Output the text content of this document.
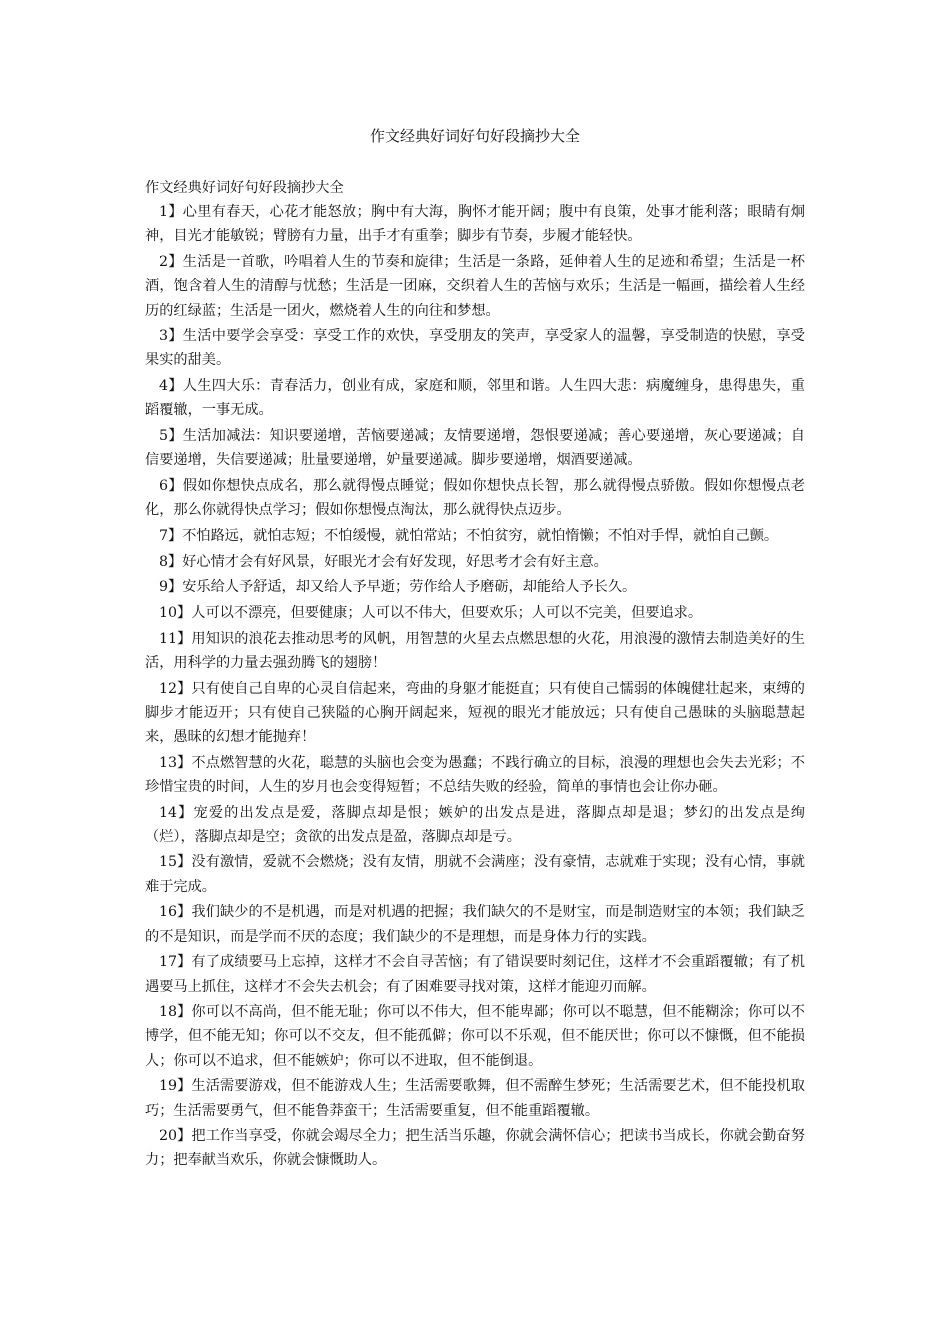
作文经典好词好句好段摘抄大全

作文经典好词好句好段摘抄大全

1】心里有春天，心花才能怒放；胸中有大海，胸怀才能开阔；腹中有良策，处事才能利落；眼睛有炯神，目光才能敏锐；臂膀有力量，出手才有重拳；脚步有节奏，步履才能轻快。

2】生活是一首歌，吟唱着人生的节奏和旋律；生活是一条路，延伸着人生的足迹和希望；生活是一杯酒，饱含着人生的清醇与忧愁；生活是一团麻，交织着人生的苦恼与欢乐；生活是一幅画，描绘着人生经历的红绿蓝；生活是一团火，燃烧着人生的向往和梦想。

3】生活中要学会享受：享受工作的欢快，享受朋友的笑声，享受家人的温馨，享受制造的快慰，享受果实的甜美。

4】人生四大乐：青春活力，创业有成，家庭和顺，邻里和谐。人生四大悲：病魔缠身，患得患失，重蹈覆辙，一事无成。

5】生活加减法：知识要递增，苦恼要递减；友情要递增，怨恨要递减；善心要递增，灰心要递减；自信要递增，失信要递减；肚量要递增，妒量要递减。脚步要递增，烟酒要递减。

6】假如你想快点成名，那么就得慢点睡觉；假如你想快点长智，那么就得慢点骄傲。假如你想慢点老化，那么你就得快点学习；假如你想慢点淘汰，那么就得快点迈步。

7】不怕路远，就怕志短；不怕缓慢，就怕常站；不怕贫穷，就怕惰懒；不怕对手悍，就怕自己颤。

8】好心情才会有好风景，好眼光才会有好发现，好思考才会有好主意。

9】安乐给人予舒适，却又给人予早逝；劳作给人予磨砺，却能给人予长久。

10】人可以不漂亮，但要健康；人可以不伟大，但要欢乐；人可以不完美，但要追求。

11】用知识的浪花去推动思考的风帆，用智慧的火星去点燃思想的火花，用浪漫的激情去制造美好的生活，用科学的力量去强劲腾飞的翅膀！

12】只有使自己自卑的心灵自信起来，弯曲的身躯才能挺直；只有使自己懦弱的体魄健壮起来，束缚的脚步才能迈开；只有使自己狭隘的心胸开阔起来，短视的眼光才能放远；只有使自己愚昧的头脑聪慧起来，愚昧的幻想才能抛弃！

13】不点燃智慧的火花，聪慧的头脑也会变为愚蠢；不践行确立的目标，浪漫的理想也会失去光彩；不珍惜宝贵的时间，人生的岁月也会变得短暂；不总结失败的经验，简单的事情也会让你办砸。

14】宠爱的出发点是爱，落脚点却是恨；嫉妒的出发点是进，落脚点却是退；梦幻的出发点是绚（烂），落脚点却是空；贪欲的出发点是盈，落脚点却是亏。

15】没有激情，爱就不会燃烧；没有友情，朋就不会满座；没有豪情，志就难于实现；没有心情，事就难于完成。

16】我们缺少的不是机遇，而是对机遇的把握；我们缺欠的不是财宝，而是制造财宝的本领；我们缺乏的不是知识，而是学而不厌的态度；我们缺少的不是理想，而是身体力行的实践。

17】有了成绩要马上忘掉，这样才不会自寻苦恼；有了错误要时刻记住，这样才不会重蹈覆辙；有了机遇要马上抓住，这样才不会失去机会；有了困难要寻找对策，这样才能迎刃而解。

18】你可以不高尚，但不能无耻；你可以不伟大，但不能卑鄙；你可以不聪慧，但不能糊涂；你可以不博学，但不能无知；你可以不交友，但不能孤僻；你可以不乐观，但不能厌世；你可以不慷慨，但不能损人；你可以不追求，但不能嫉妒；你可以不进取，但不能倒退。

19】生活需要游戏，但不能游戏人生；生活需要歌舞，但不需醉生梦死；生活需要艺术，但不能投机取巧；生活需要勇气，但不能鲁莽蛮干；生活需要重复，但不能重蹈覆辙。

20】把工作当享受，你就会竭尽全力；把生活当乐趣，你就会满怀信心；把读书当成长，你就会勤奋努力；把奉献当欢乐，你就会慷慨助人。
